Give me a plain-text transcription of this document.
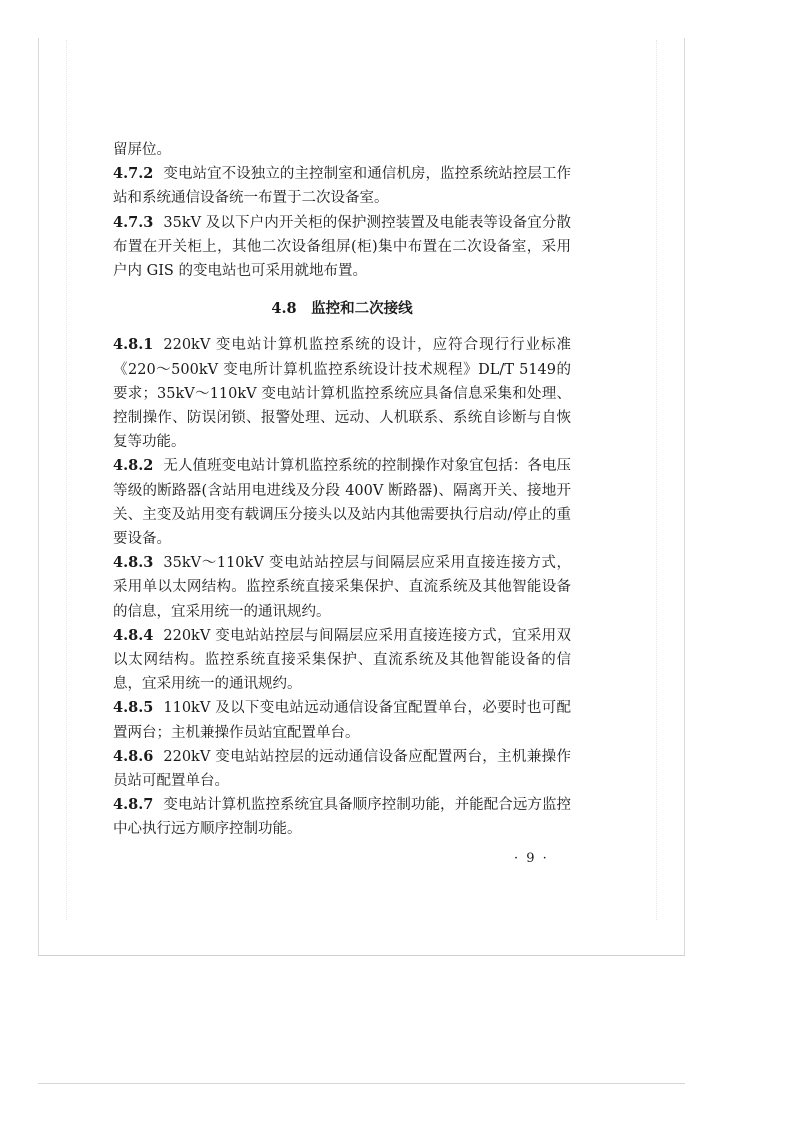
留屏位。

4.7.2 变电站宜不设独立的主控制室和通信机房，监控系统站控层工作站和系统通信设备统一布置于二次设备室。

4.7.3 35kV 及以下户内开关柜的保护测控装置及电能表等设备宜分散布置在开关柜上，其他二次设备组屏(柜)集中布置在二次设备室，采用户内 GIS 的变电站也可采用就地布置。

4.8　监控和二次接线

4.8.1 220kV 变电站计算机监控系统的设计，应符合现行行业标准《220～500kV 变电所计算机监控系统设计技术规程》DL/T 5149的要求；35kV～110kV 变电站计算机监控系统应具备信息采集和处理、控制操作、防误闭锁、报警处理、远动、人机联系、系统自诊断与自恢复等功能。

4.8.2 无人值班变电站计算机监控系统的控制操作对象宜包括：各电压等级的断路器(含站用电进线及分段 400V 断路器)、隔离开关、接地开关、主变及站用变有载调压分接头以及站内其他需要执行启动/停止的重要设备。

4.8.3 35kV～110kV 变电站站控层与间隔层应采用直接连接方式，采用单以太网结构。监控系统直接采集保护、直流系统及其他智能设备的信息，宜采用统一的通讯规约。

4.8.4 220kV 变电站站控层与间隔层应采用直接连接方式，宜采用双以太网结构。监控系统直接采集保护、直流系统及其他智能设备的信息，宜采用统一的通讯规约。

4.8.5 110kV 及以下变电站远动通信设备宜配置单台，必要时也可配置两台；主机兼操作员站宜配置单台。

4.8.6 220kV 变电站站控层的远动通信设备应配置两台，主机兼操作员站可配置单台。

4.8.7 变电站计算机监控系统宜具备顺序控制功能，并能配合远方监控中心执行远方顺序控制功能。

· 9 ·
